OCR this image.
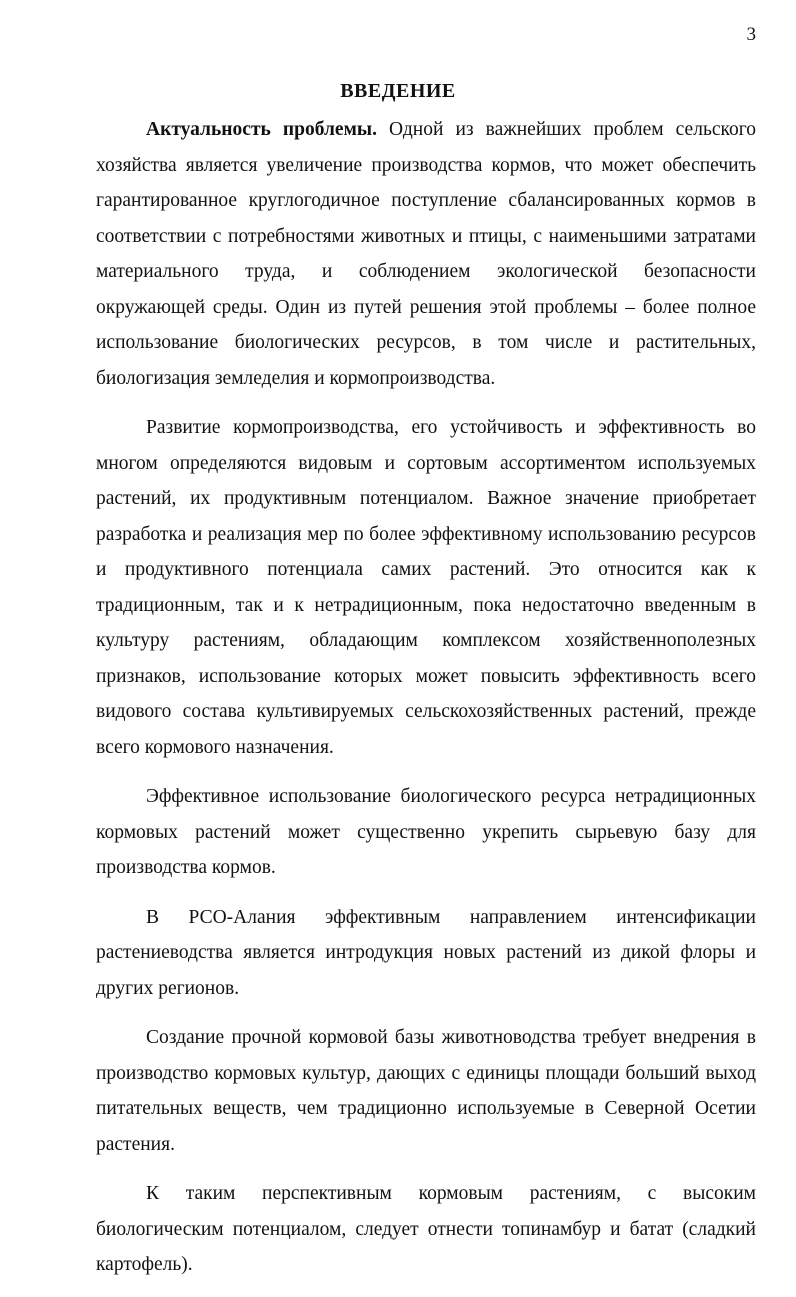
3
ВВЕДЕНИЕ

Актуальность проблемы. Одной из важнейших проблем сельского хозяйства является увеличение производства кормов, что может обеспечить гарантированное круглогодичное поступление сбалансированных кормов в соответствии с потребностями животных и птицы, с наименьшими затратами материального труда, и соблюдением экологической безопасности окружающей среды. Один из путей решения этой проблемы – более полное использование биологических ресурсов, в том числе и растительных, биологизация земледелия и кормопроизводства.

Развитие кормопроизводства, его устойчивость и эффективность во многом определяются видовым и сортовым ассортиментом используемых растений, их продуктивным потенциалом. Важное значение приобретает разработка и реализация мер по более эффективному использованию ресурсов и продуктивного потенциала самих растений. Это относится как к традиционным, так и к нетрадиционным, пока недостаточно введенным в культуру растениям, обладающим комплексом хозяйственнополезных признаков, использование которых может повысить эффективность всего видового состава культивируемых сельскохозяйственных растений, прежде всего кормового назначения.

Эффективное использование биологического ресурса нетрадиционных кормовых растений может существенно укрепить сырьевую базу для производства кормов.

В РСО-Алания эффективным направлением интенсификации растениеводства является интродукция новых растений из дикой флоры и других регионов.

Создание прочной кормовой базы животноводства требует внедрения в производство кормовых культур, дающих с единицы площади больший выход питательных веществ, чем традиционно используемые в Северной Осетии растения.

К таким перспективным кормовым растениям, с высоким биологическим потенциалом, следует отнести топинамбур и батат (сладкий картофель).
